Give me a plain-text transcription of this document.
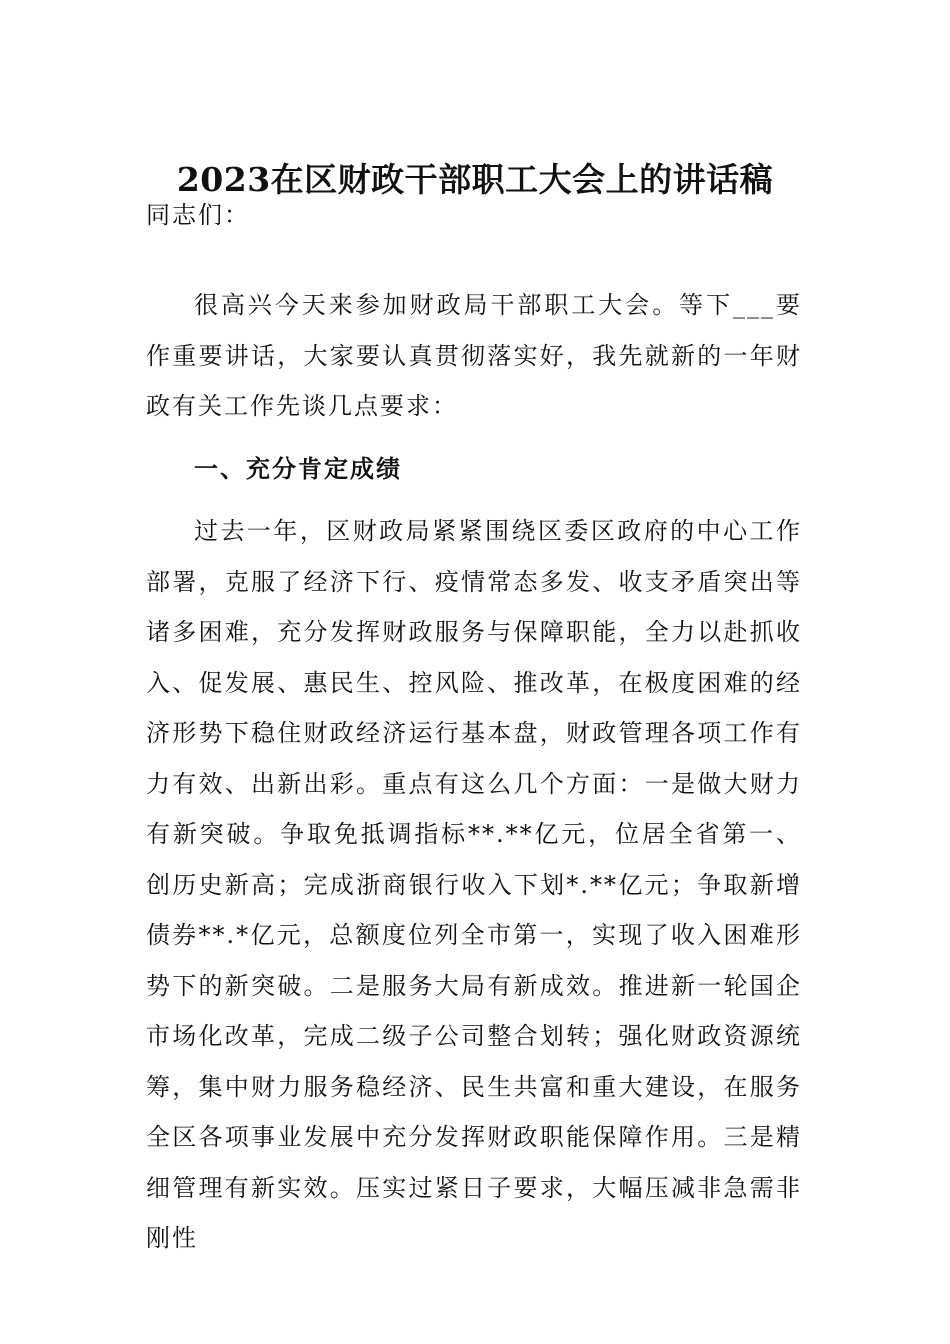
2023在区财政干部职工大会上的讲话稿

同志们：

很高兴今天来参加财政局干部职工大会。等下___要作重要讲话，大家要认真贯彻落实好，我先就新的一年财政有关工作先谈几点要求：

一、充分肯定成绩

过去一年，区财政局紧紧围绕区委区政府的中心工作部署，克服了经济下行、疫情常态多发、收支矛盾突出等诸多困难，充分发挥财政服务与保障职能，全力以赴抓收入、促发展、惠民生、控风险、推改革，在极度困难的经济形势下稳住财政经济运行基本盘，财政管理各项工作有力有效、出新出彩。重点有这么几个方面：一是做大财力有新突破。争取免抵调指标**.**亿元，位居全省第一、创历史新高；完成浙商银行收入下划*.**亿元；争取新增债券**.*亿元，总额度位列全市第一，实现了收入困难形势下的新突破。二是服务大局有新成效。推进新一轮国企市场化改革，完成二级子公司整合划转；强化财政资源统筹，集中财力服务稳经济、民生共富和重大建设，在服务全区各项事业发展中充分发挥财政职能保障作用。三是精细管理有新实效。压实过紧日子要求，大幅压减非急需非刚性
